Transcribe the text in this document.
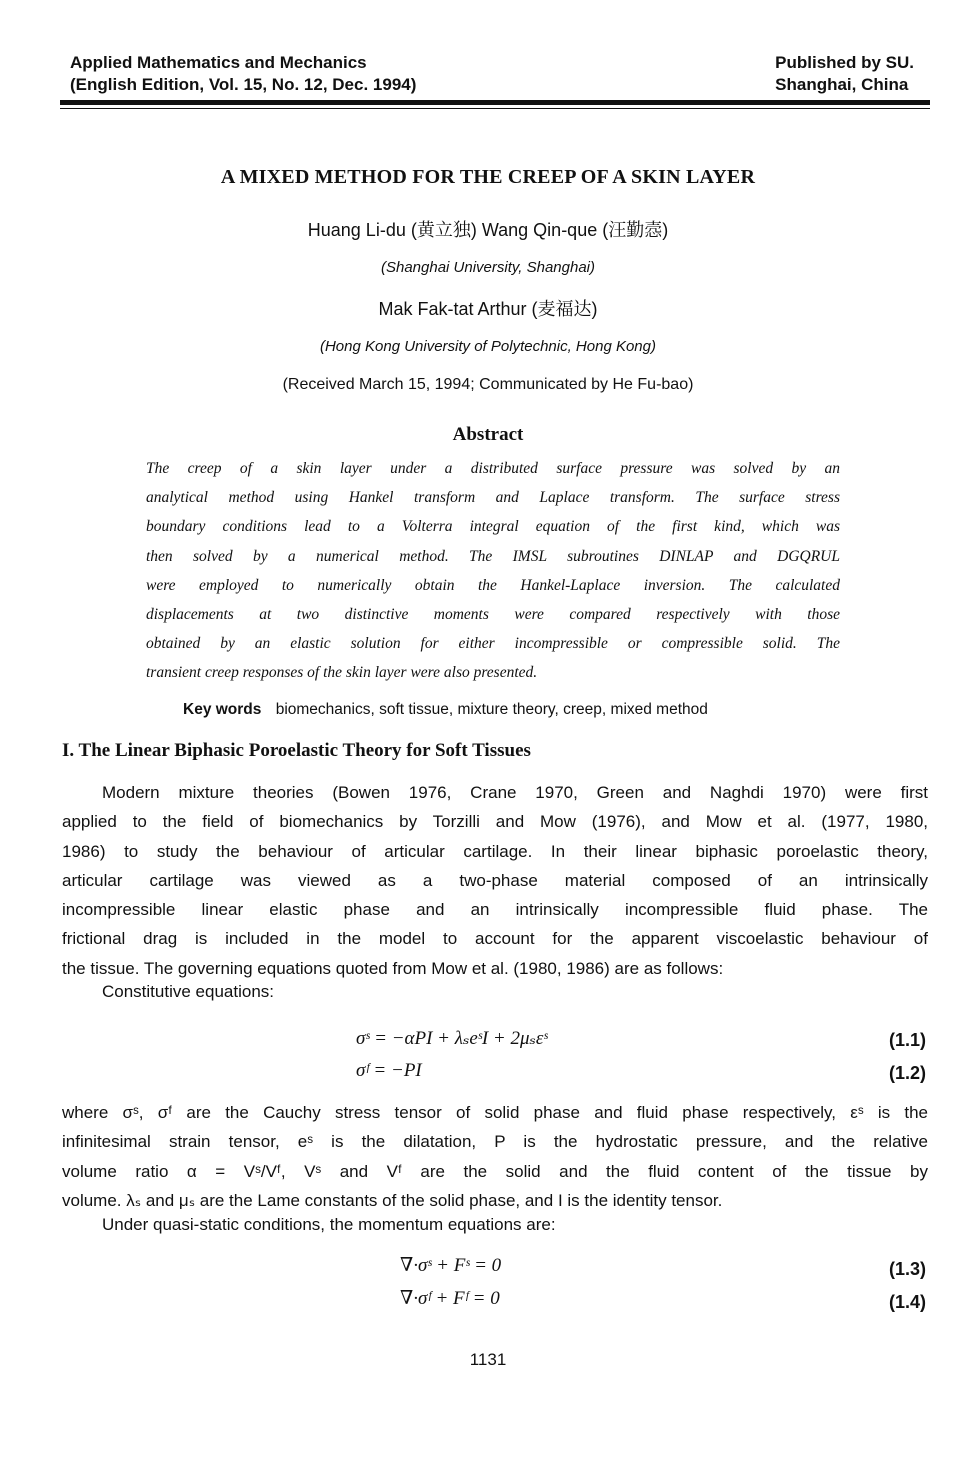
Applied Mathematics and Mechanics
(English Edition, Vol. 15, No. 12, Dec. 1994)
Published by SU.
Shanghai, China
A MIXED METHOD FOR THE CREEP OF A SKIN LAYER
Huang Li-du (黄立独) Wang Qin-que (汪勤悫)
(Shanghai University, Shanghai)
Mak Fak-tat Arthur (麦福达)
(Hong Kong University of Polytechnic, Hong Kong)
(Received March 15, 1994; Communicated by He Fu-bao)
Abstract
The creep of a skin layer under a distributed surface pressure was solved by an
analytical method using Hankel transform and Laplace transform. The surface stress
boundary conditions lead to a Volterra integral equation of the first kind, which was
then solved by a numerical method. The IMSL subroutines DINLAP and DGQRUL
were employed to numerically obtain the Hankel-Laplace inversion. The calculated
displacements at two distinctive moments were compared respectively with those
obtained by an elastic solution for either incompressible or compressible solid. The
transient creep responses of the skin layer were also presented.
Key words biomechanics, soft tissue, mixture theory, creep, mixed method
I. The Linear Biphasic Poroelastic Theory for Soft Tissues
Modern mixture theories (Bowen 1976, Crane 1970, Green and Naghdi 1970) were first
applied to the field of biomechanics by Torzilli and Mow (1976), and Mow et al. (1977, 1980,
1986) to study the behaviour of articular cartilage. In their linear biphasic poroelastic theory,
articular cartilage was viewed as a two-phase material composed of an intrinsically
incompressible linear elastic phase and an intrinsically incompressible fluid phase. The
frictional drag is included in the model to account for the apparent viscoelastic behaviour of
the tissue. The governing equations quoted from Mow et al. (1980, 1986) are as follows:
Constitutive equations:
σˢ = −αPI + λₛeˢI + 2μₛεˢ	(1.1)
σᶠ = −PI	(1.2)
where σˢ, σᶠ are the Cauchy stress tensor of solid phase and fluid phase respectively, εˢ is the
infinitesimal strain tensor, eˢ is the dilatation, P is the hydrostatic pressure, and the relative
volume ratio α = Vˢ/Vᶠ, Vˢ and Vᶠ are the solid and the fluid content of the tissue by
volume. λₛ and μₛ are the Lame constants of the solid phase, and I is the identity tensor.
Under quasi-static conditions, the momentum equations are:
∇·σˢ + Fˢ = 0	(1.3)
∇·σᶠ + Fᶠ = 0	(1.4)
1131
